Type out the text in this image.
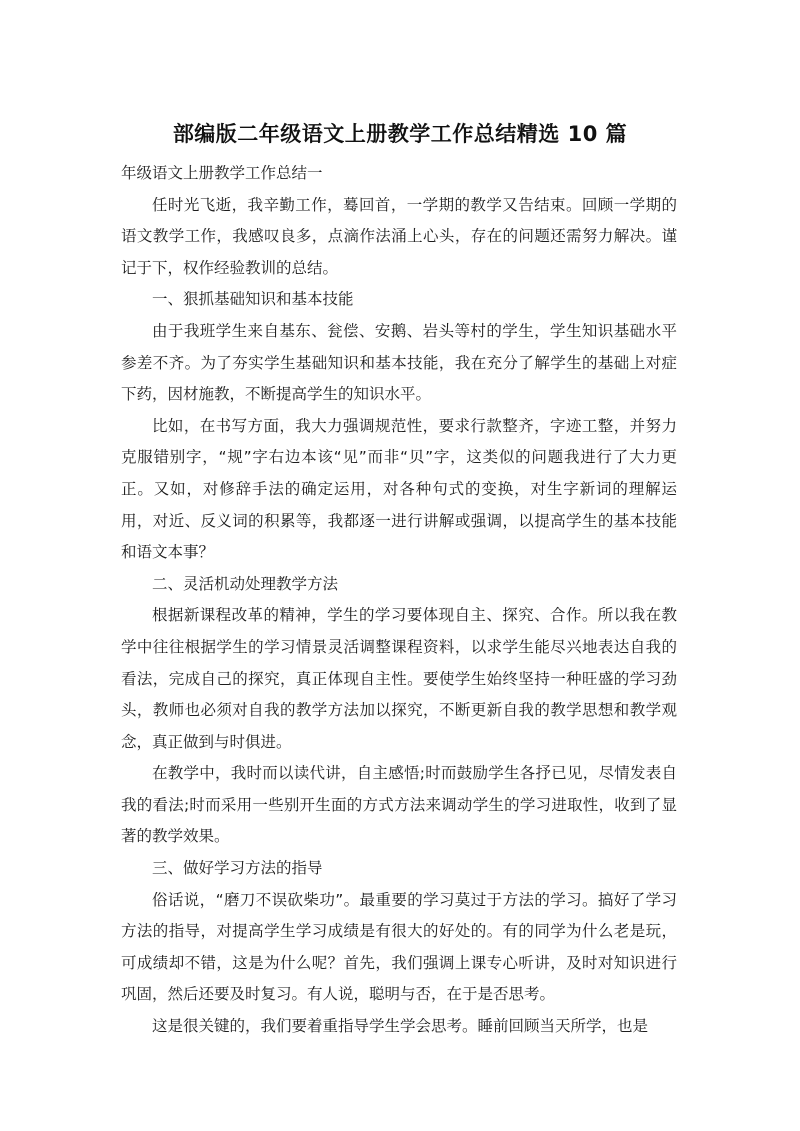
部编版二年级语文上册教学工作总结精选 10 篇

年级语文上册教学工作总结一

任时光飞逝，我辛勤工作，蓦回首，一学期的教学又告结束。回顾一学期的语文教学工作，我感叹良多，点滴作法涌上心头，存在的问题还需努力解决。谨记于下，权作经验教训的总结。

一、狠抓基础知识和基本技能

由于我班学生来自基东、瓮偿、安鹅、岩头等村的学生，学生知识基础水平参差不齐。为了夯实学生基础知识和基本技能，我在充分了解学生的基础上对症下药，因材施教，不断提高学生的知识水平。

比如，在书写方面，我大力强调规范性，要求行款整齐，字迹工整，并努力克服错别字，“规”字右边本该“见”而非“贝”字，这类似的问题我进行了大力更正。又如，对修辞手法的确定运用，对各种句式的变换，对生字新词的理解运用，对近、反义词的积累等，我都逐一进行讲解或强调，以提高学生的基本技能和语文本事？

二、灵活机动处理教学方法

根据新课程改革的精神，学生的学习要体现自主、探究、合作。所以我在教学中往往根据学生的学习情景灵活调整课程资料，以求学生能尽兴地表达自我的看法，完成自己的探究，真正体现自主性。要使学生始终坚持一种旺盛的学习劲头，教师也必须对自我的教学方法加以探究，不断更新自我的教学思想和教学观念，真正做到与时俱进。

在教学中，我时而以读代讲，自主感悟;时而鼓励学生各抒已见，尽情发表自我的看法;时而采用一些别开生面的方式方法来调动学生的学习进取性，收到了显著的教学效果。

三、做好学习方法的指导

俗话说，“磨刀不误砍柴功”。最重要的学习莫过于方法的学习。搞好了学习方法的指导，对提高学生学习成绩是有很大的好处的。有的同学为什么老是玩，可成绩却不错，这是为什么呢？首先，我们强调上课专心听讲，及时对知识进行巩固，然后还要及时复习。有人说，聪明与否，在于是否思考。

这是很关键的，我们要着重指导学生学会思考。睡前回顾当天所学，也是
